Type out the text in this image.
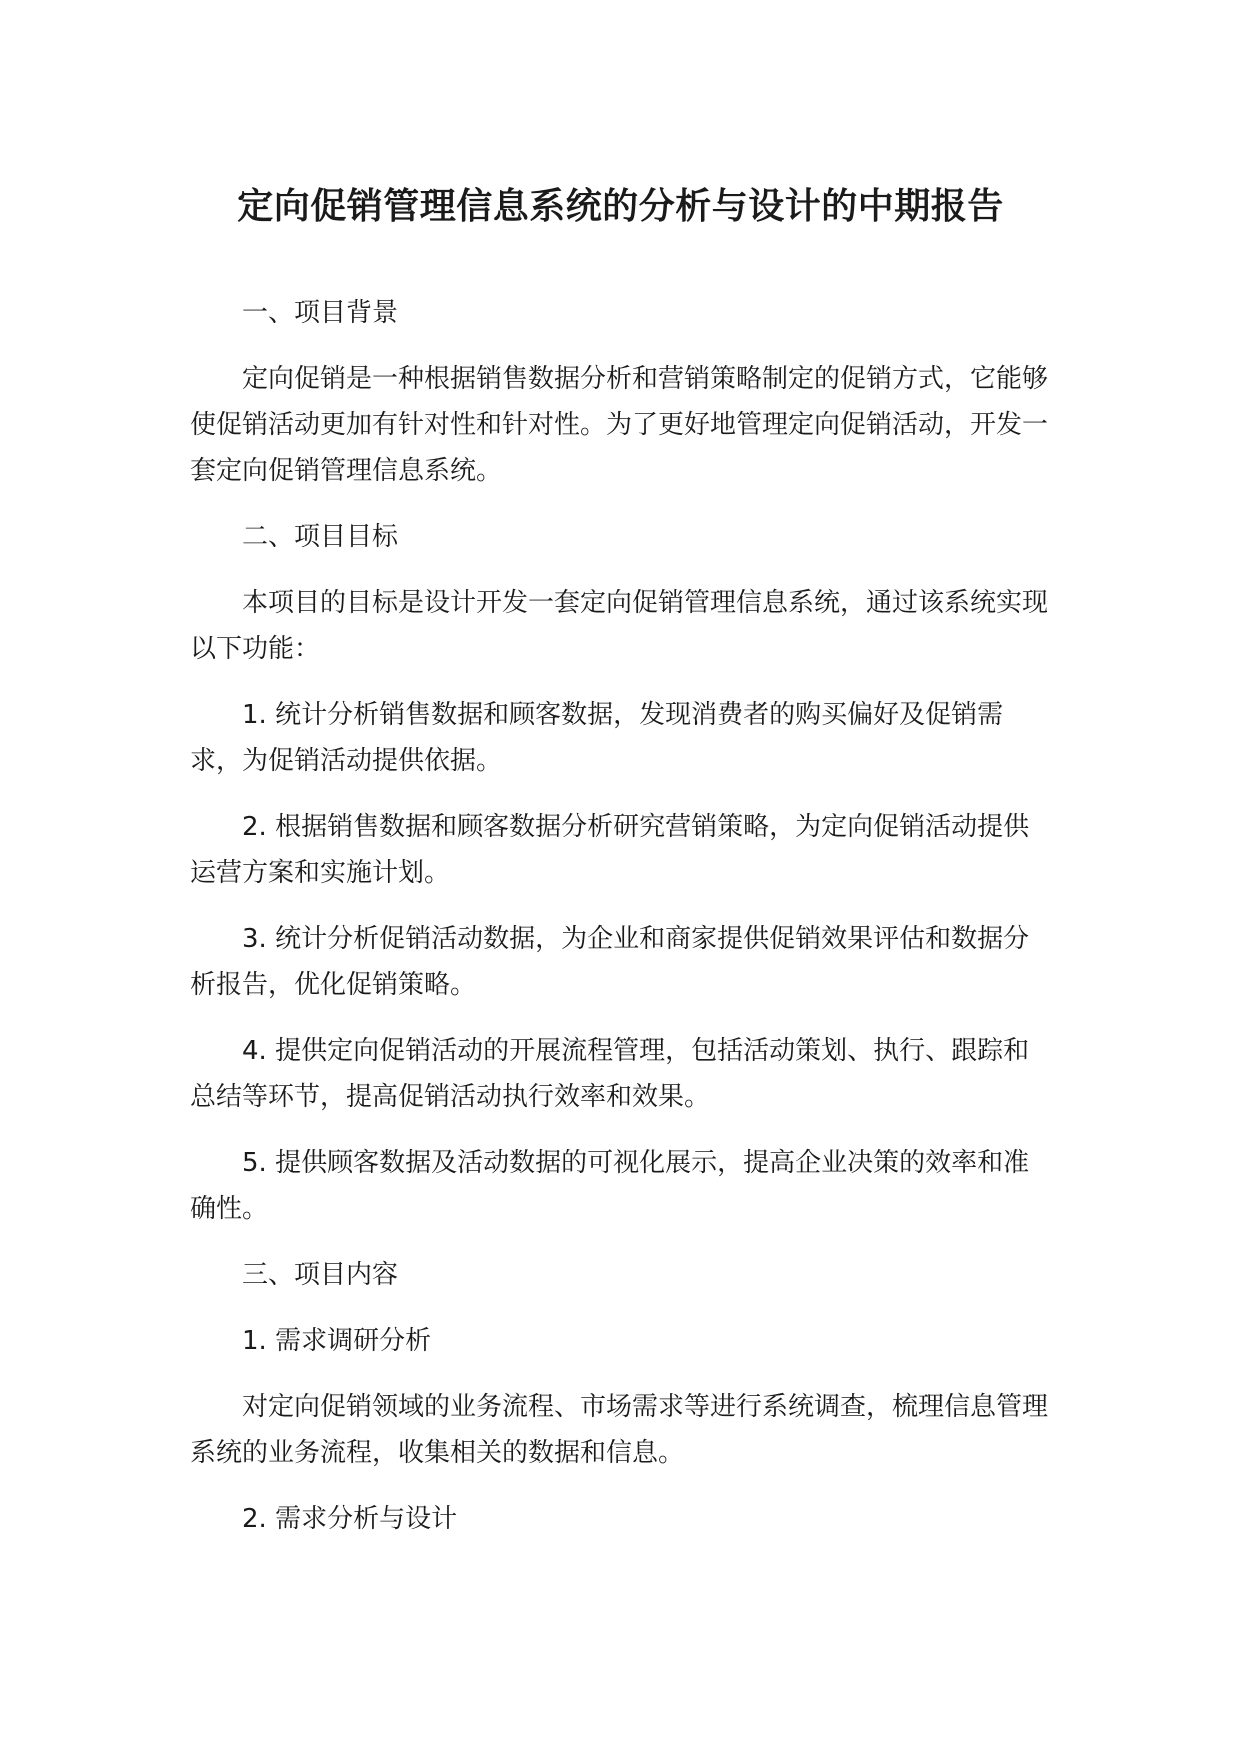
定向促销管理信息系统的分析与设计的中期报告

一、项目背景

定向促销是一种根据销售数据分析和营销策略制定的促销方式，它能够使促销活动更加有针对性和针对性。为了更好地管理定向促销活动，开发一套定向促销管理信息系统。

二、项目目标

本项目的目标是设计开发一套定向促销管理信息系统，通过该系统实现以下功能：

1. 统计分析销售数据和顾客数据，发现消费者的购买偏好及促销需求，为促销活动提供依据。

2. 根据销售数据和顾客数据分析研究营销策略，为定向促销活动提供运营方案和实施计划。

3. 统计分析促销活动数据，为企业和商家提供促销效果评估和数据分析报告，优化促销策略。

4. 提供定向促销活动的开展流程管理，包括活动策划、执行、跟踪和总结等环节，提高促销活动执行效率和效果。

5. 提供顾客数据及活动数据的可视化展示，提高企业决策的效率和准确性。

三、项目内容

1. 需求调研分析

对定向促销领域的业务流程、市场需求等进行系统调查，梳理信息管理系统的业务流程，收集相关的数据和信息。

2. 需求分析与设计
